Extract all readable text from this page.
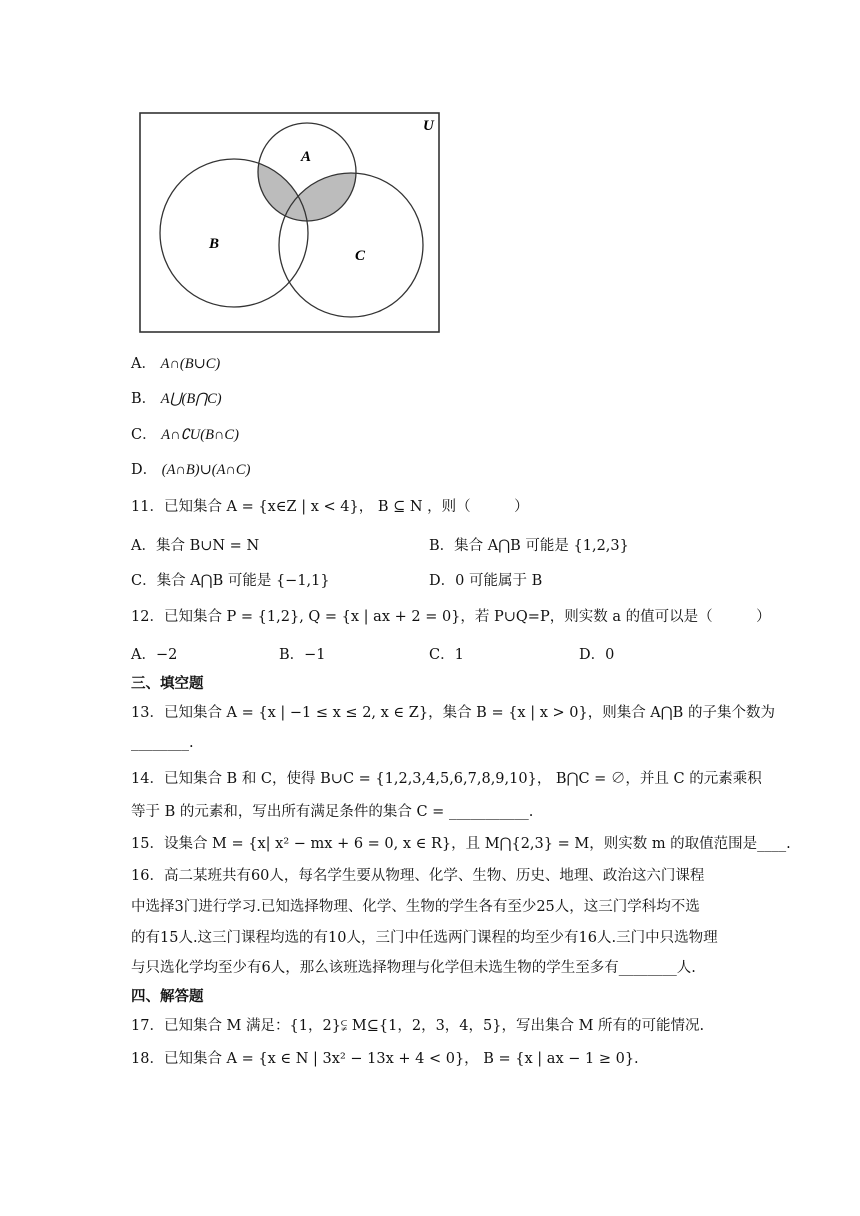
U
A
B
C
A． A∩(B∪C)
B． A⋃(B⋂C)
C． A∩∁U(B∩C)
D． (A∩B)∪(A∩C)
11．已知集合 A = {x∈Z | x < 4}， B ⊆ N ，则（　　　）
A．集合 B∪N = N	B．集合 A⋂B 可能是 {1,2,3}
C．集合 A⋂B 可能是 {−1,1}	D．0 可能属于 B
12．已知集合 P = {1,2}, Q = {x | ax + 2 = 0}，若 P∪Q=P，则实数 a 的值可以是（　　　）
A．−2	B．−1	C．1	D．0
三、填空题
13．已知集合 A = {x | −1 ≤ x ≤ 2, x ∈ Z}，集合 B = {x | x > 0}，则集合 A⋂B 的子集个数为
________.
14．已知集合 B 和 C，使得 B∪C = {1,2,3,4,5,6,7,8,9,10}， B⋂C = ∅，并且 C 的元素乘积
等于 B 的元素和，写出所有满足条件的集合 C = ___________.
15．设集合 M = {x| x² − mx + 6 = 0, x ∈ R}，且 M⋂{2,3} = M，则实数 m 的取值范围是____.
16．高二某班共有60人，每名学生要从物理、化学、生物、历史、地理、政治这六门课程
中选择3门进行学习.已知选择物理、化学、生物的学生各有至少25人，这三门学科均不选
的有15人.这三门课程均选的有10人，三门中任选两门课程的均至少有16人.三门中只选物理
与只选化学均至少有6人，那么该班选择物理与化学但未选生物的学生至多有________人.
四、解答题
17．已知集合 M 满足：{1，2}⫋ M⊆{1，2，3，4，5}，写出集合 M 所有的可能情况.
18．已知集合 A = {x ∈ N | 3x² − 13x + 4 < 0}， B = {x | ax − 1 ≥ 0}.
